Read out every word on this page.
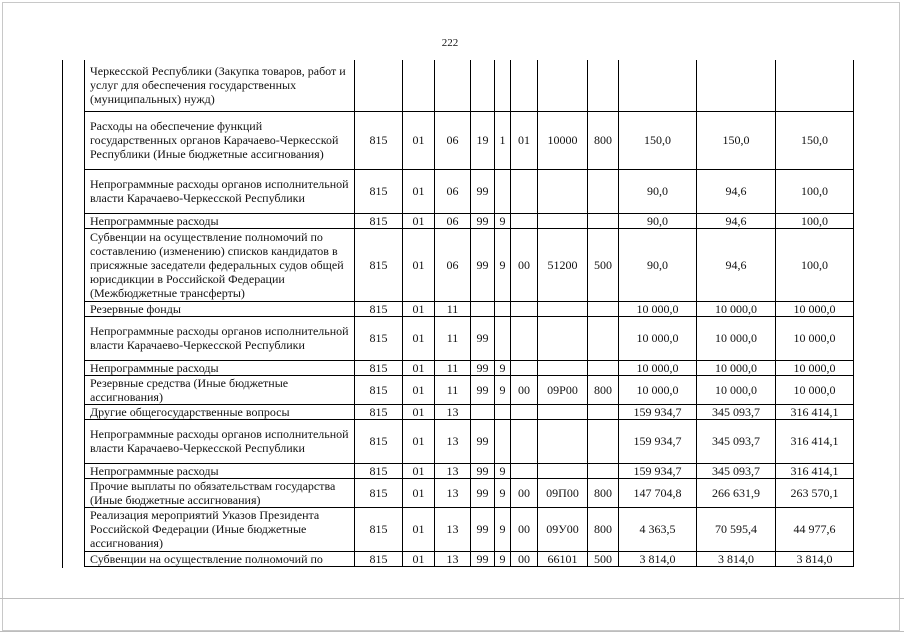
222
Черкесской Республики (Закупка товаров, работ и услуг для обеспечения государственных (муниципальных) нужд)											
Расходы на обеспечение функций государственных органов Карачаево-Черкесской Республики (Иные бюджетные ассигнования)	815	01	06	19	1	01	10000	800	150,0	150,0	150,0
Непрограммные расходы органов исполнительной власти Карачаево-Черкесской Республики	815	01	06	99					90,0	94,6	100,0
Непрограммные расходы	815	01	06	99	9				90,0	94,6	100,0
Субвенции на осуществление полномочий по составлению (изменению) списков кандидатов в присяжные заседатели федеральных судов общей юрисдикции в Российской Федерации (Межбюджетные трансферты)	815	01	06	99	9	00	51200	500	90,0	94,6	100,0
Резервные фонды	815	01	11						10 000,0	10 000,0	10 000,0
Непрограммные расходы органов исполнительной власти Карачаево-Черкесской Республики	815	01	11	99					10 000,0	10 000,0	10 000,0
Непрограммные расходы	815	01	11	99	9				10 000,0	10 000,0	10 000,0
Резервные средства (Иные бюджетные ассигнования)	815	01	11	99	9	00	09Р00	800	10 000,0	10 000,0	10 000,0
Другие общегосударственные вопросы	815	01	13						159 934,7	345 093,7	316 414,1
Непрограммные расходы органов исполнительной власти Карачаево-Черкесской Республики	815	01	13	99					159 934,7	345 093,7	316 414,1
Непрограммные расходы	815	01	13	99	9				159 934,7	345 093,7	316 414,1
Прочие выплаты по обязательствам государства (Иные бюджетные ассигнования)	815	01	13	99	9	00	09П00	800	147 704,8	266 631,9	263 570,1
Реализация мероприятий Указов Президента Российской Федерации (Иные бюджетные ассигнования)	815	01	13	99	9	00	09У00	800	4 363,5	70 595,4	44 977,6
Субвенции на осуществление полномочий по	815	01	13	99	9	00	66101	500	3 814,0	3 814,0	3 814,0
